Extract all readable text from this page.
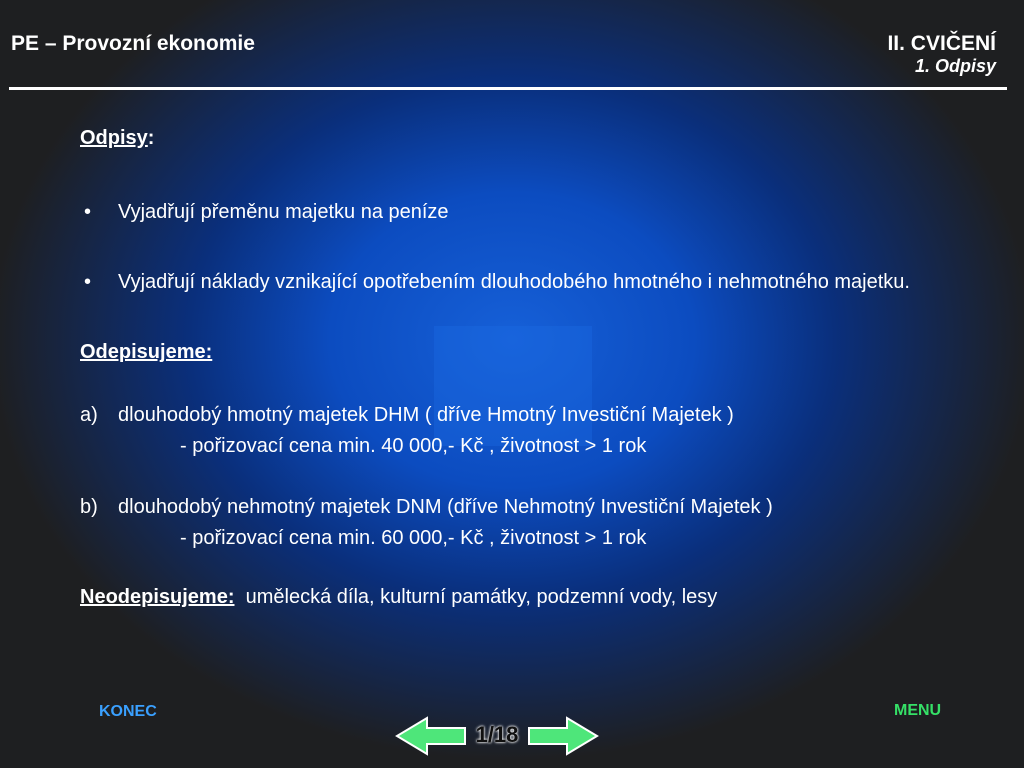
PE – Provozní ekonomie	II. CVIČENÍ
1. Odpisy
Odpisy:
• Vyjadřují přeměnu majetku na peníze
• Vyjadřují náklady vznikající opotřebením dlouhodobého hmotného i nehmotného majetku.
Odepisujeme:
a) dlouhodobý hmotný majetek DHM ( dříve Hmotný Investiční Majetek )
- pořizovací cena min. 40 000,- Kč , životnost > 1 rok
b) dlouhodobý nehmotný majetek DNM (dříve Nehmotný Investiční Majetek )
- pořizovací cena min. 60 000,- Kč , životnost > 1 rok
Neodepisujeme: umělecká díla, kulturní památky, podzemní vody, lesy
KONEC	MENU
1/18
